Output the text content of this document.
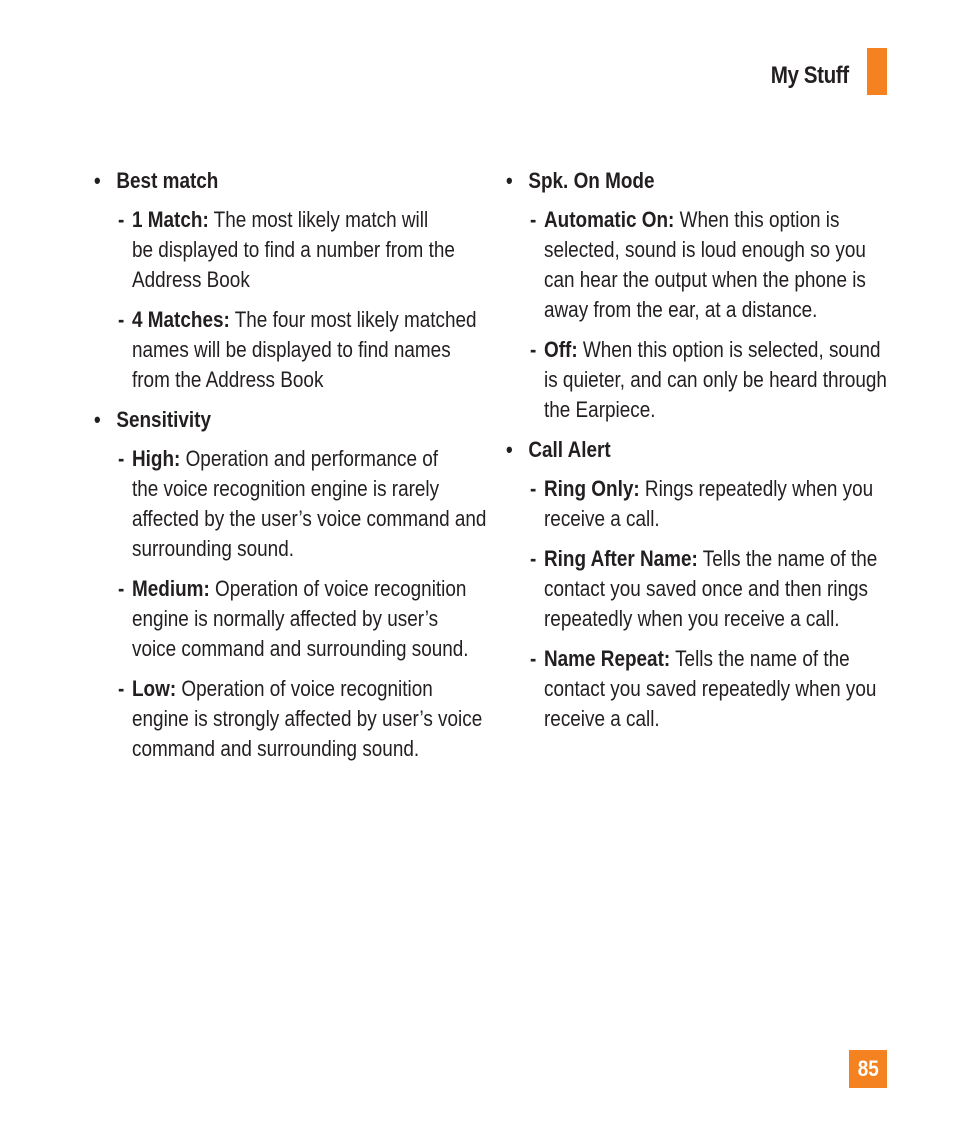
My Stuff
• Best match
- 1 Match: The most likely match will
be displayed to find a number from the
Address Book
- 4 Matches: The four most likely matched
names will be displayed to find names
from the Address Book
• Sensitivity
- High: Operation and performance of
the voice recognition engine is rarely
affected by the user’s voice command and
surrounding sound.
- Medium: Operation of voice recognition
engine is normally affected by user’s
voice command and surrounding sound.
- Low: Operation of voice recognition
engine is strongly affected by user’s voice
command and surrounding sound.
• Spk. On Mode
- Automatic On: When this option is
selected, sound is loud enough so you
can hear the output when the phone is
away from the ear, at a distance.
- Off: When this option is selected, sound
is quieter, and can only be heard through
the Earpiece.
• Call Alert
- Ring Only: Rings repeatedly when you
receive a call.
- Ring After Name: Tells the name of the
contact you saved once and then rings
repeatedly when you receive a call.
- Name Repeat: Tells the name of the
contact you saved repeatedly when you
receive a call.
85
